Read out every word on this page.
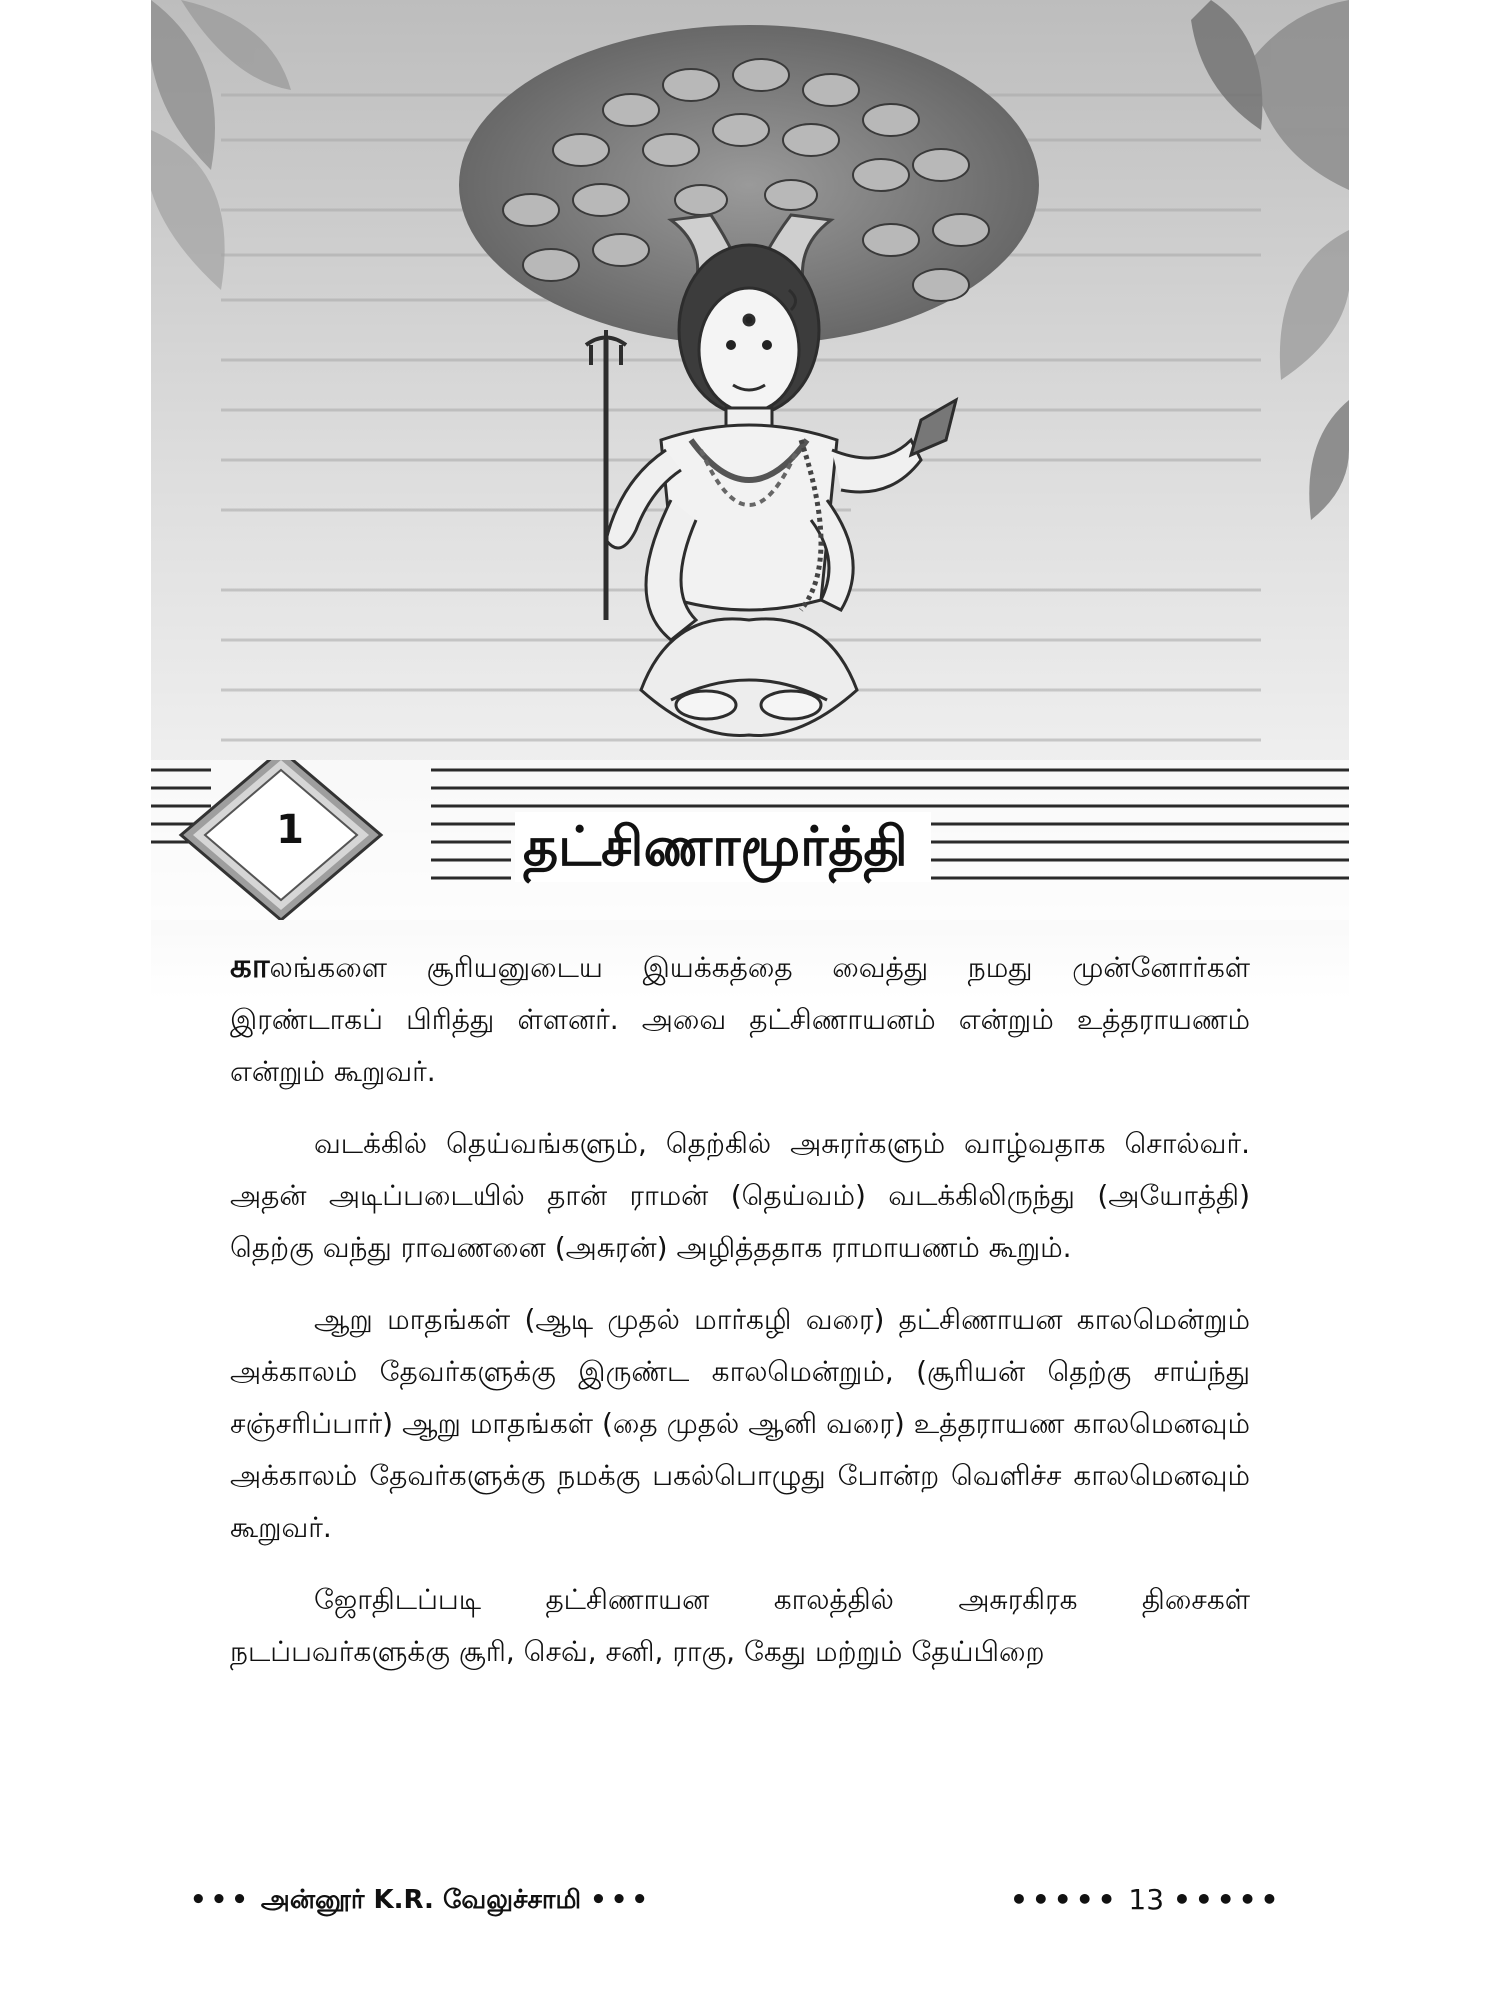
1	தட்சிணாமூர்த்தி

காலங்களை சூரியனுடைய இயக்கத்தை வைத்து நமது முன்னோர்கள் இரண்டாகப் பிரித்து ள்ளனர். அவை தட்சிணாயனம் என்றும் உத்தராயணம் என்றும் கூறுவர்.

வடக்கில் தெய்வங்களும், தெற்கில் அசுரர்களும் வாழ்வதாக சொல்வர். அதன் அடிப்படையில் தான் ராமன் (தெய்வம்) வடக்கிலிருந்து (அயோத்தி) தெற்கு வந்து ராவணனை (அசுரன்) அழித்ததாக ராமாயணம் கூறும்.

ஆறு மாதங்கள் (ஆடி முதல் மார்கழி வரை) தட்சிணாயன காலமென்றும் அக்காலம் தேவர்களுக்கு இருண்ட காலமென்றும், (சூரியன் தெற்கு சாய்ந்து சஞ்சரிப்பார்) ஆறு மாதங்கள் (தை முதல் ஆனி வரை) உத்தராயண காலமெனவும் அக்காலம் தேவர்களுக்கு நமக்கு பகல்பொழுது போன்ற வெளிச்ச காலமெனவும் கூறுவர்.

ஜோதிடப்படி தட்சிணாயன காலத்தில் அசுரகிரக திசைகள் நடப்பவர்களுக்கு சூரி, செவ், சனி, ராகு, கேது மற்றும் தேய்பிறை

••• அன்னூர் K.R. வேலுச்சாமி •••	••••• 13 •••••
